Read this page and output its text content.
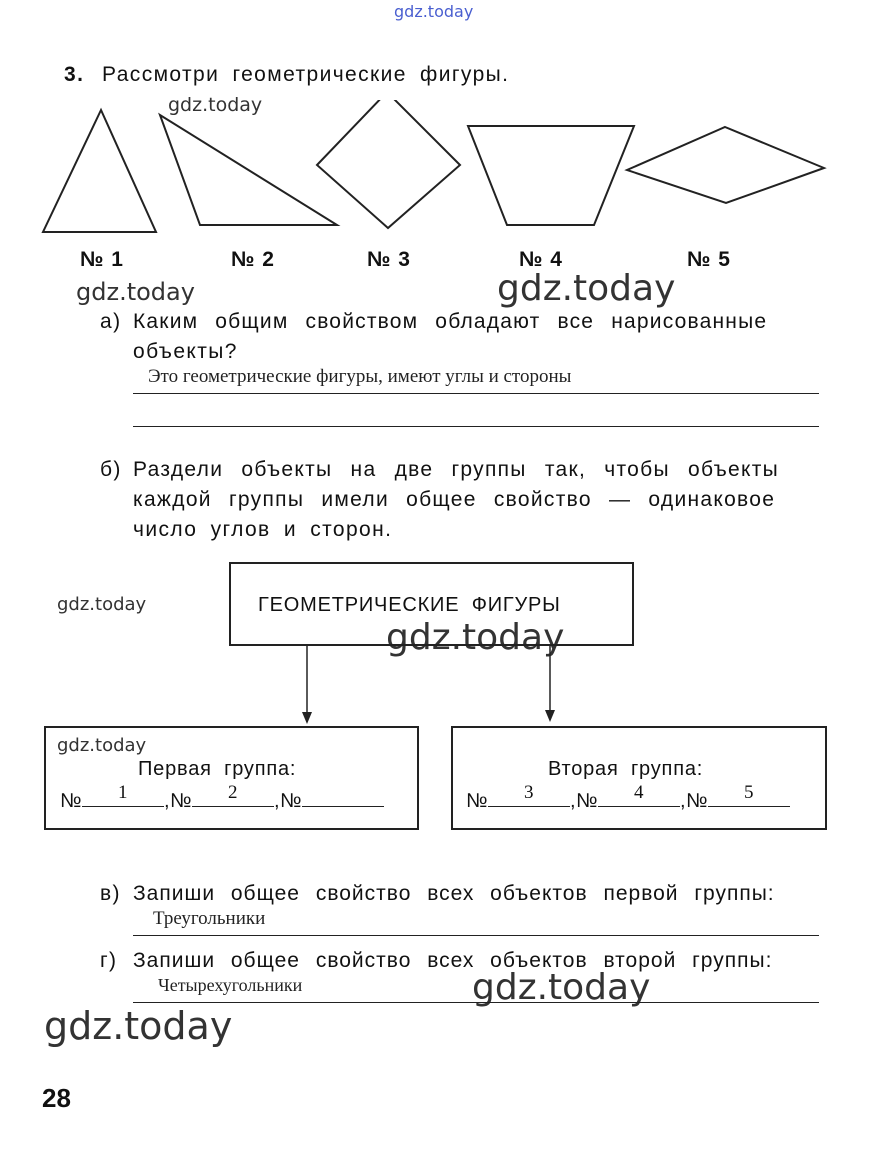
gdz.today
gdz.today
gdz.today	gdz.today
gdz.today
gdz.today
gdz.today
gdz.today
gdz.today
3. Рассмотри геометрические фигуры.
№ 1	№ 2	№ 3	№ 4	№ 5
а) Каким общим свойством обладают все нарисованные
объекты?
Это геометрические фигуры, имеют углы и стороны
б) Раздели объекты на две группы так, чтобы объекты
каждой группы имели общее свойство — одинаковое
число углов и сторон.
ГЕОМЕТРИЧЕСКИЕ ФИГУРЫ
Первая группа:
№	1	,№	2	,№
Вторая группа:
№	3	,№	4	,№	5
в) Запиши общее свойство всех объектов первой группы:
Треугольники
г) Запиши общее свойство всех объектов второй группы:
Четырехугольники
28
